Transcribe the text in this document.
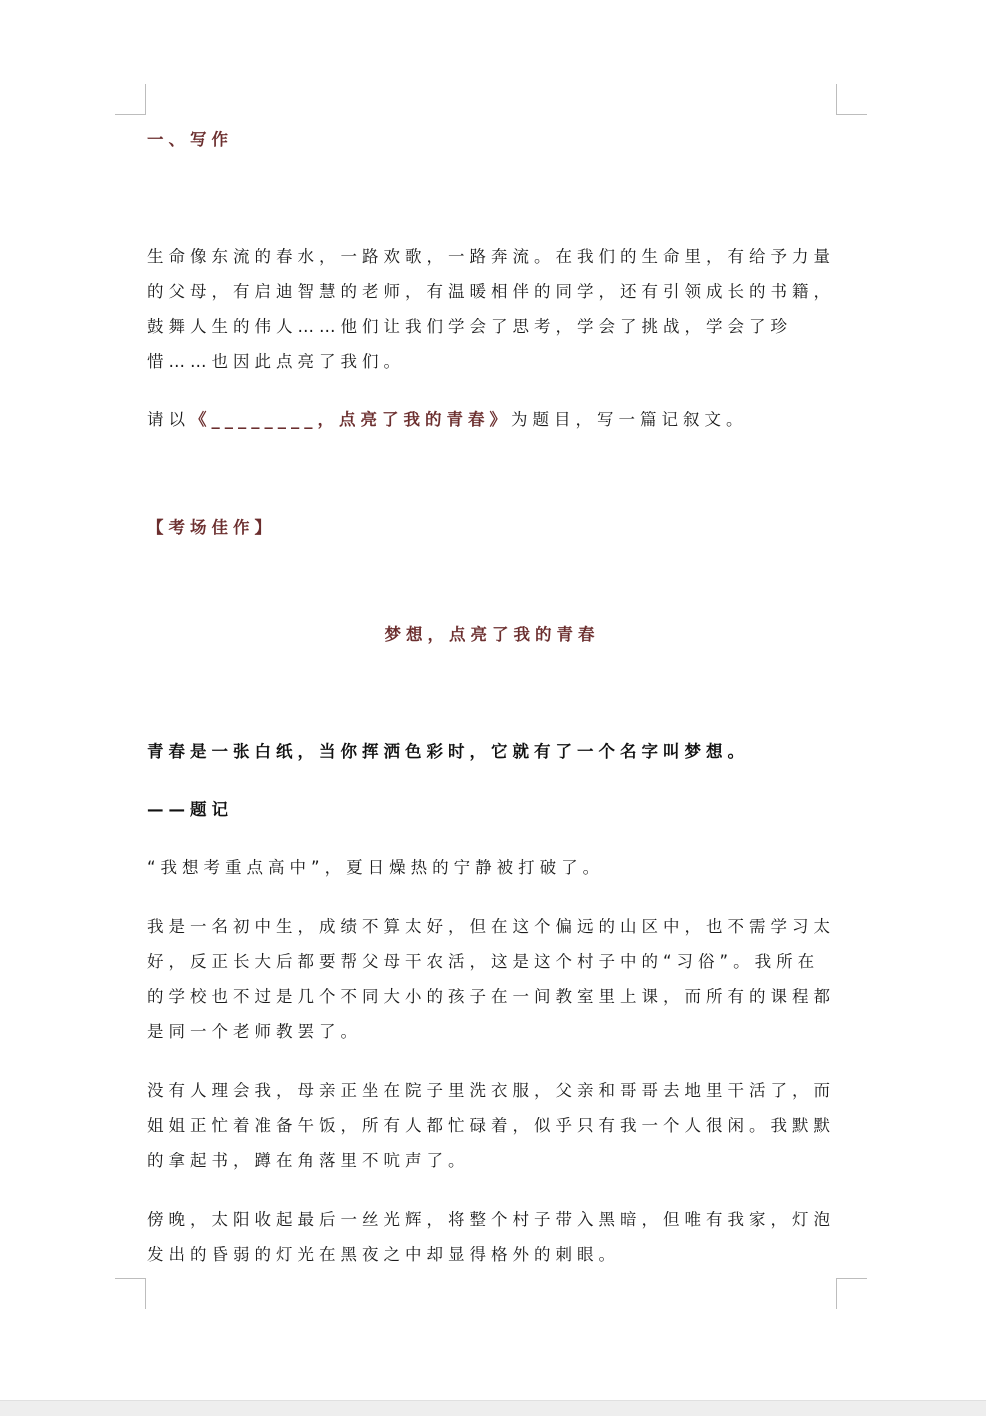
一、写作
生命像东流的春水，一路欢歌，一路奔流。在我们的生命里，有给予力量的父母，有启迪智慧的老师，有温暖相伴的同学，还有引领成长的书籍，鼓舞人生的伟人……他们让我们学会了思考，学会了挑战，学会了珍惜……也因此点亮了我们。
请以《________，点亮了我的青春》为题目，写一篇记叙文。
【考场佳作】
梦想，点亮了我的青春
青春是一张白纸，当你挥洒色彩时，它就有了一个名字叫梦想。
——题记
“我想考重点高中”，夏日燥热的宁静被打破了。
我是一名初中生，成绩不算太好，但在这个偏远的山区中，也不需学习太好，反正长大后都要帮父母干农活，这是这个村子中的“习俗”。我所在的学校也不过是几个不同大小的孩子在一间教室里上课，而所有的课程都是同一个老师教罢了。
没有人理会我，母亲正坐在院子里洗衣服，父亲和哥哥去地里干活了，而姐姐正忙着准备午饭，所有人都忙碌着，似乎只有我一个人很闲。我默默的拿起书，蹲在角落里不吭声了。
傍晚，太阳收起最后一丝光辉，将整个村子带入黑暗，但唯有我家，灯泡发出的昏弱的灯光在黑夜之中却显得格外的刺眼。
